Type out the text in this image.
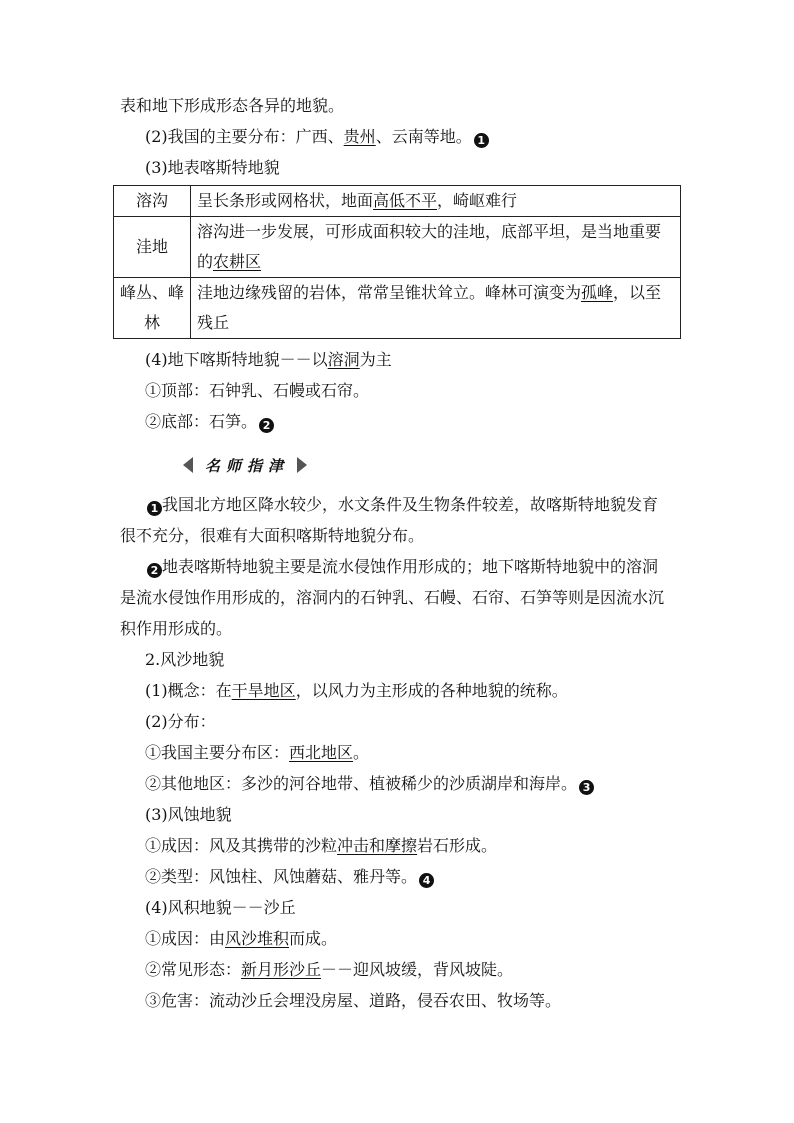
表和地下形成形态各异的地貌。
(2)我国的主要分布：广西、贵州、云南等地。 1
(3)地表喀斯特地貌
溶沟	呈长条形或网格状，地面高低不平，崎岖难行
洼地	溶沟进一步发展，可形成面积较大的洼地，底部平坦，是当地重要
的农耕区
峰丛、峰
林	洼地边缘残留的岩体，常常呈锥状耸立。峰林可演变为孤峰，以至
残丘
(4)地下喀斯特地貌－－以溶洞为主
①顶部：石钟乳、石幔或石帘。
②底部：石笋。 2
名师指津
1 我国北方地区降水较少，水文条件及生物条件较差，故喀斯特地貌发育
很不充分，很难有大面积喀斯特地貌分布。
2 地表喀斯特地貌主要是流水侵蚀作用形成的；地下喀斯特地貌中的溶洞
是流水侵蚀作用形成的，溶洞内的石钟乳、石幔、石帘、石笋等则是因流水沉
积作用形成的。
2.风沙地貌
(1)概念：在干旱地区，以风力为主形成的各种地貌的统称。
(2)分布：
①我国主要分布区：西北地区。
②其他地区：多沙的河谷地带、植被稀少的沙质湖岸和海岸。 3
(3)风蚀地貌
①成因：风及其携带的沙粒冲击和摩擦岩石形成。
②类型：风蚀柱、风蚀蘑菇、雅丹等。 4
(4)风积地貌－－沙丘
①成因：由风沙堆积而成。
②常见形态：新月形沙丘－－迎风坡缓，背风坡陡。
③危害：流动沙丘会埋没房屋、道路，侵吞农田、牧场等。
